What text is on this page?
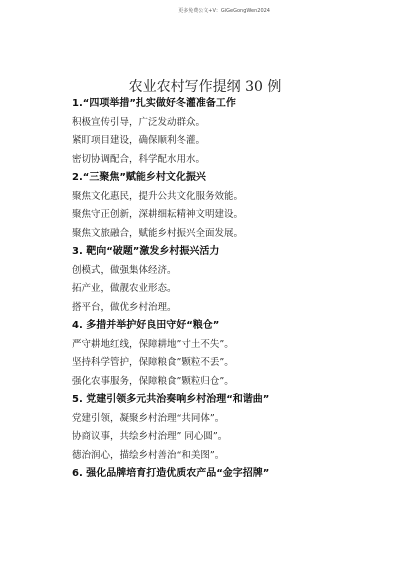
更多免费公文+V：GiGeGongWen2024
农业农村写作提纲 30 例
1.“四项举措”扎实做好冬灌准备工作
积极宣传引导，广泛发动群众。
紧盯项目建设，确保顺利冬灌。
密切协调配合，科学配水用水。
2.“三聚焦”赋能乡村文化振兴
聚焦文化惠民，提升公共文化服务效能。
聚焦守正创新，深耕细耘精神文明建设。
聚焦文旅融合，赋能乡村振兴全面发展。
3. 靶向“破题”激发乡村振兴活力
创模式，做强集体经济。
拓产业，做靓农业形态。
搭平台，做优乡村治理。
4. 多措并举护好良田守好“粮仓”
严守耕地红线，保障耕地”寸土不失”。
坚持科学管护，保障粮食”颗粒不丢”。
强化农事服务，保障粮食”颗粒归仓”。
5. 党建引领多元共治奏响乡村治理“和谐曲”
党建引领，凝聚乡村治理“共同体”。
协商议事，共绘乡村治理” 同心圆”。
德治润心，描绘乡村善治“和美图”。
6. 强化品牌培育打造优质农产品“金字招牌”
